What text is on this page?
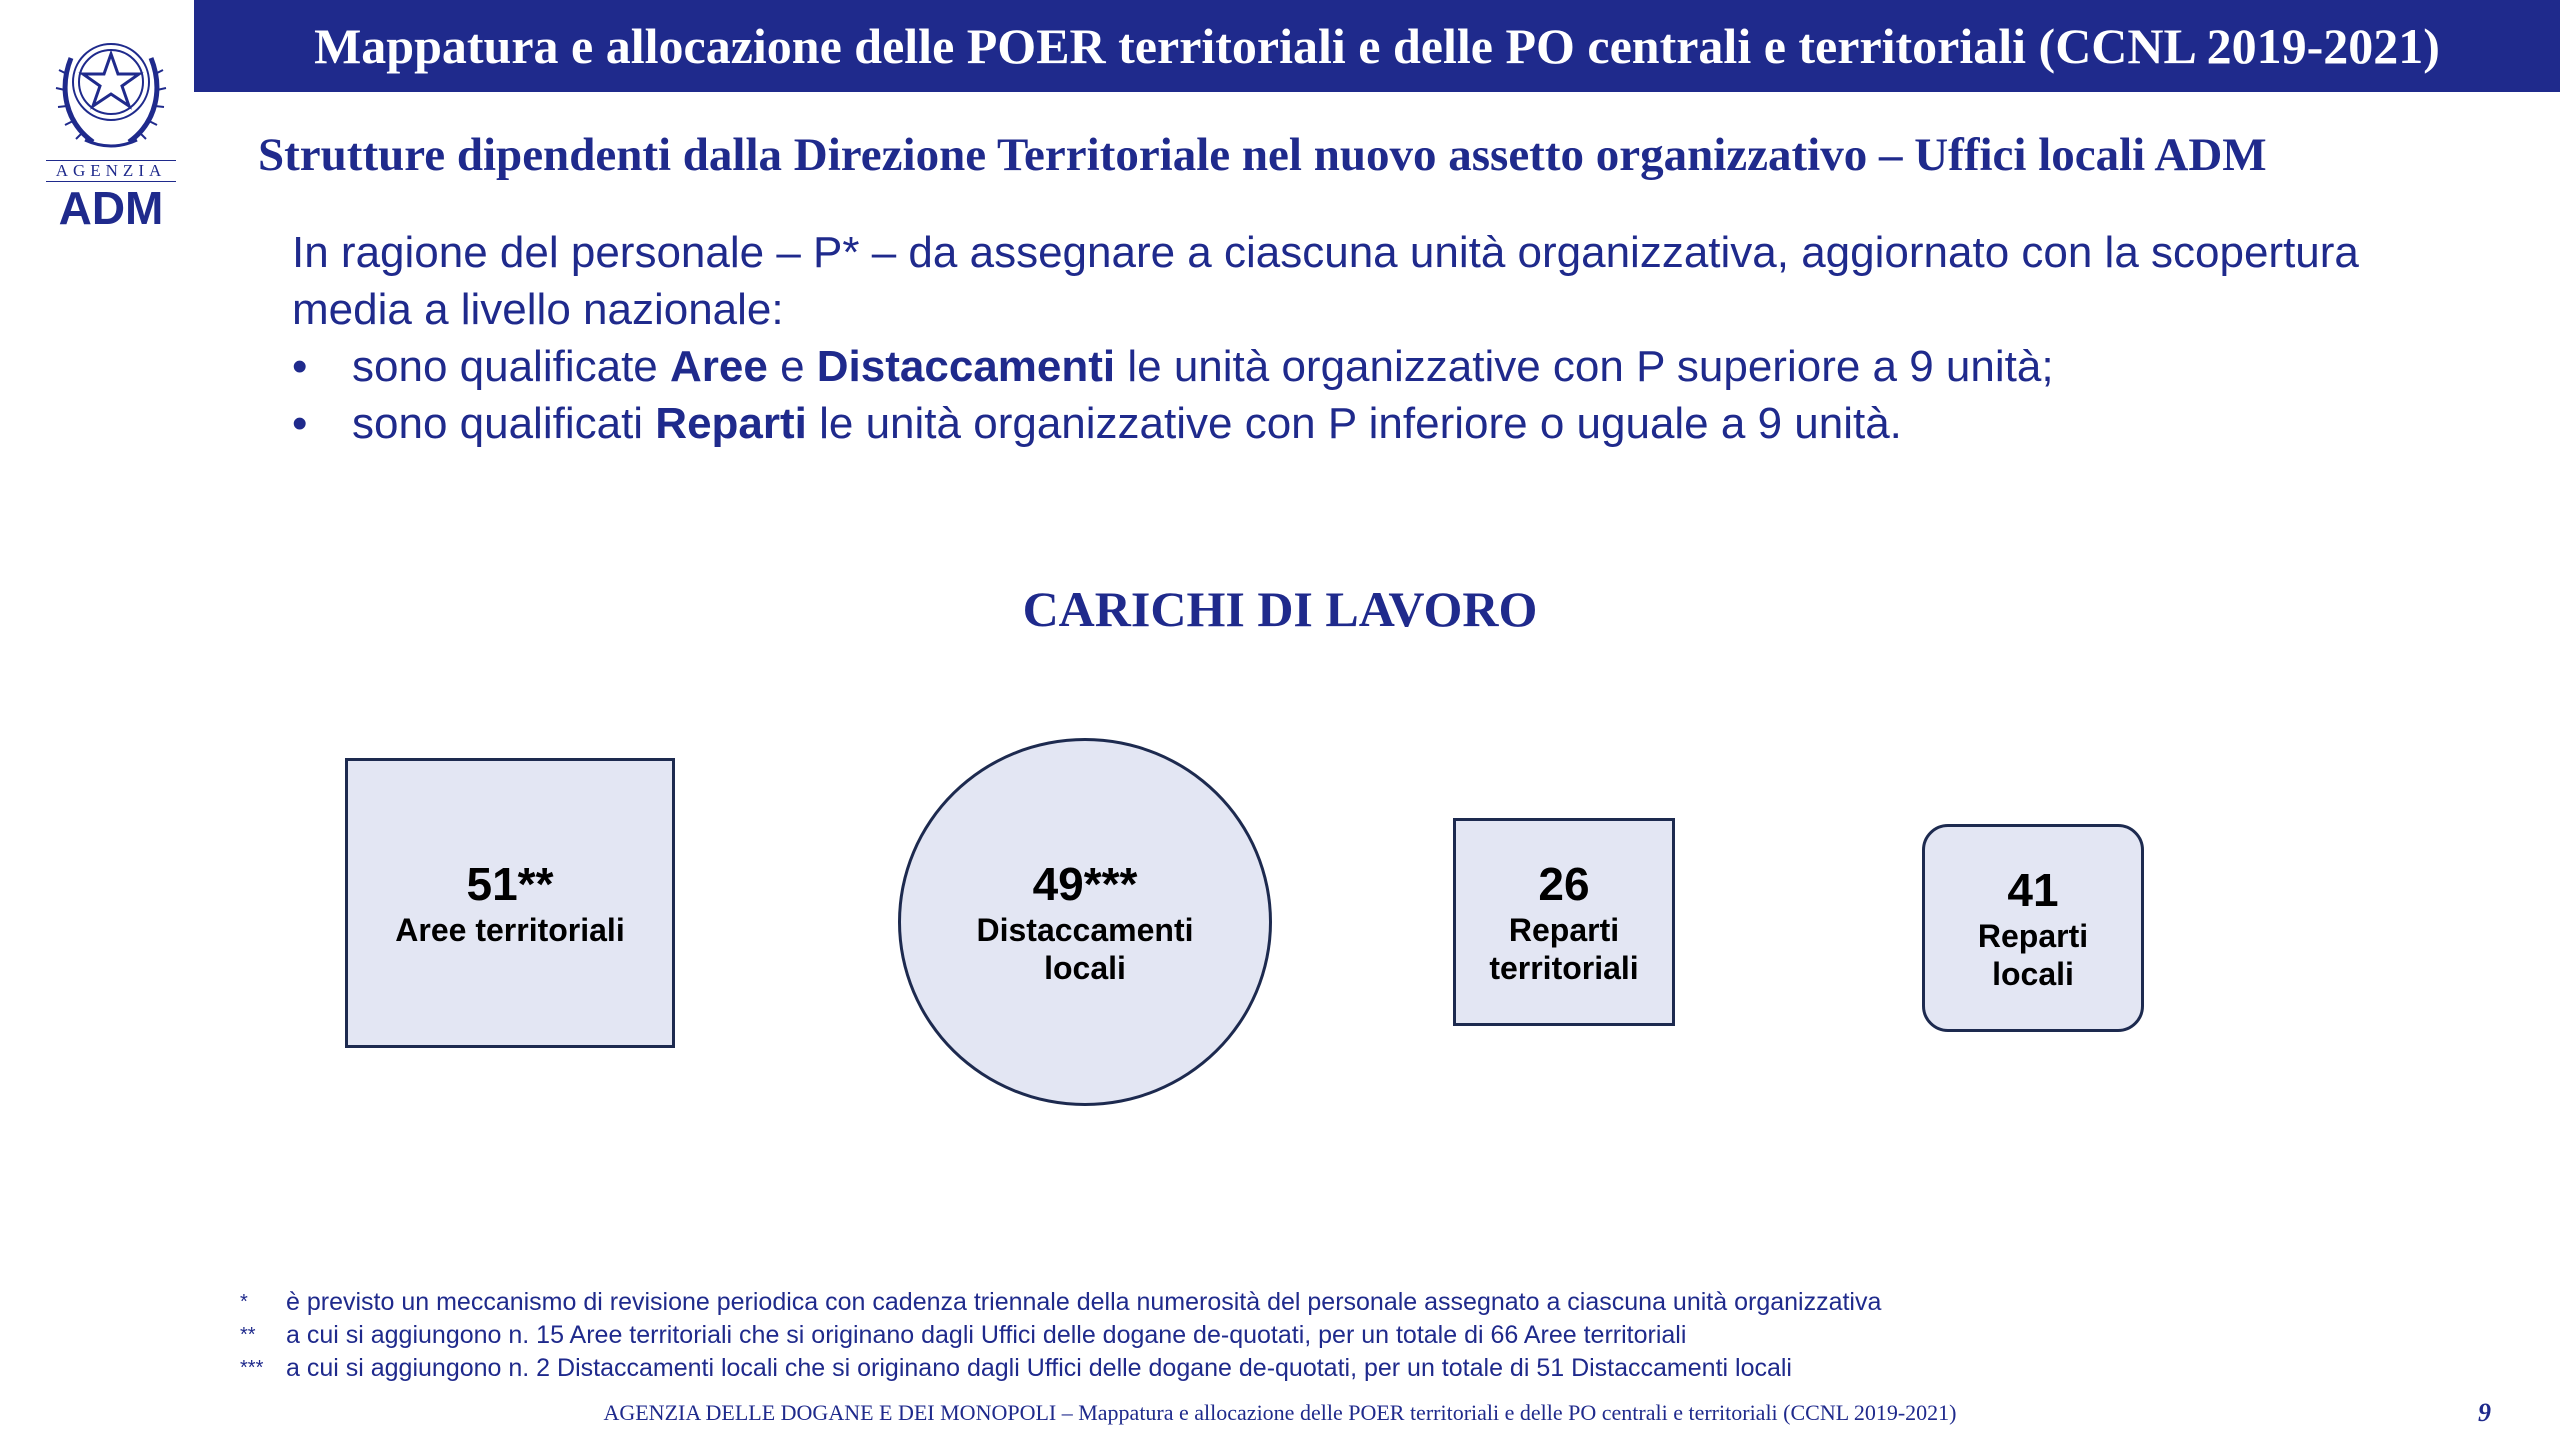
AGENZIA
ADM
Mappatura e allocazione delle POER territoriali e delle PO centrali e territoriali (CCNL 2019-2021)
Strutture dipendenti dalla Direzione Territoriale nel nuovo assetto organizzativo – Uffici locali ADM

In ragione del personale – P* – da assegnare a ciascuna unità organizzativa, aggiornato con la scopertura media a livello nazionale:

• sono qualificate Aree e Distaccamenti le unità organizzative con P superiore a 9 unità;
• sono qualificati Reparti le unità organizzative con P inferiore o uguale a 9 unità.
CARICHI DI LAVORO
51**
Aree territoriali
49***
Distaccamenti locali
26
Reparti territoriali
41
Reparti locali
* è previsto un meccanismo di revisione periodica con cadenza triennale della numerosità del personale assegnato a ciascuna unità organizzativa
** a cui si aggiungono n. 15 Aree territoriali che si originano dagli Uffici delle dogane de-quotati, per un totale di 66 Aree territoriali
*** a cui si aggiungono n. 2 Distaccamenti locali che si originano dagli Uffici delle dogane de-quotati, per un totale di 51 Distaccamenti locali
AGENZIA DELLE DOGANE E DEI MONOPOLI – Mappatura e allocazione delle POER territoriali e delle PO centrali e territoriali (CCNL 2019-2021)	9
